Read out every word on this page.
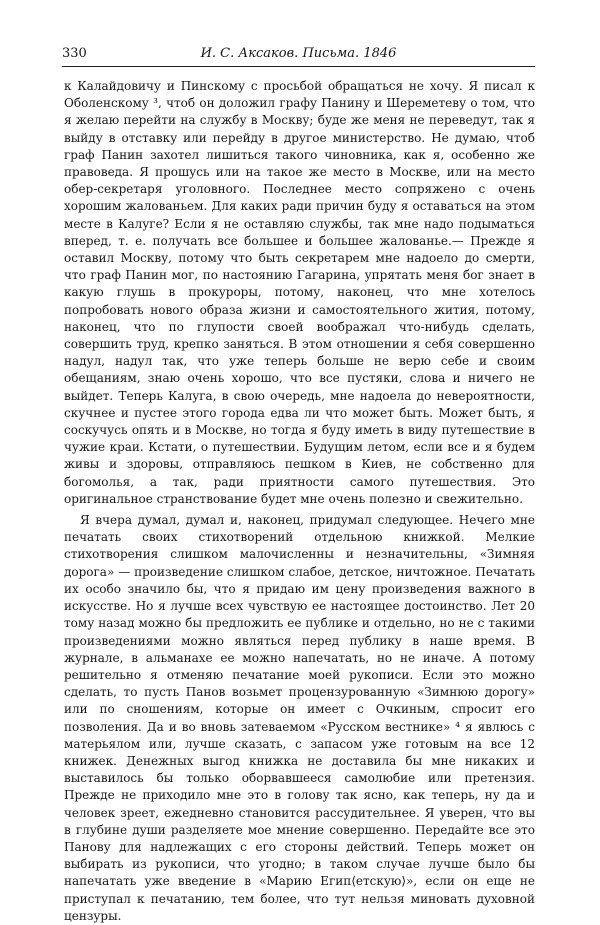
330	И. С. Аксаков. Письма. 1846

к Калайдовичу и Пинскому с просьбой обращаться не хочу. Я писал к Оболенскому ³, чтоб он доложил графу Панину и Шереметеву о том, что я желаю перейти на службу в Москву; буде же меня не переведут, так я выйду в отставку или перейду в другое министерство. Не думаю, чтоб граф Панин захотел лишиться такого чиновника, как я, особенно же правоведа. Я прошусь или на такое же место в Москве, или на место обер-секретаря уголовного. Последнее место сопряжено с очень хорошим жалованьем. Для каких ради причин буду я оставаться на этом месте в Калуге? Если я не оставляю службы, так мне надо подыматься вперед, т. е. получать все большее и большее жалованье.— Прежде я оставил Москву, потому что быть секретарем мне надоело до смерти, что граф Панин мог, по настоянию Гагарина, упрятать меня бог знает в какую глушь в прокуроры, потому, наконец, что мне хотелось попробовать нового образа жизни и самостоятельного жития, потому, наконец, что по глупости своей воображал что-нибудь сделать, совершить труд, крепко заняться. В этом отношении я себя совершенно надул, надул так, что уже теперь больше не верю себе и своим обещаниям, знаю очень хорошо, что все пустяки, слова и ничего не выйдет. Теперь Калуга, в свою очередь, мне надоела до невероятности, скучнее и пустее этого города едва ли что может быть. Может быть, я соскучусь опять и в Москве, но тогда я буду иметь в виду путешествие в чужие краи. Кстати, о путешествии. Будущим летом, если все и я будем живы и здоровы, отправляюсь пешком в Киев, не собственно для богомолья, а так, ради приятности самого путешествия. Это оригинальное странствование будет мне очень полезно и свежительно.

Я вчера думал, думал и, наконец, придумал следующее. Нечего мне печатать своих стихотворений отдельною книжкой. Мелкие стихотворения слишком малочисленны и незначительны, «Зимняя дорога» — произведение слишком слабое, детское, ничтожное. Печатать их особо значило бы, что я придаю им цену произведения важного в искусстве. Но я лучше всех чувствую ее настоящее достоинство. Лет 20 тому назад можно бы предложить ее публике и отдельно, но не с такими произведениями можно являться перед публику в наше время. В журнале, в альманахе ее можно напечатать, но не иначе. А потому решительно я отменяю печатание моей рукописи. Если это можно сделать, то пусть Панов возьмет процензурованную «Зимнюю дорогу» или по сношениям, которые он имеет с Очкиным, спросит его позволения. Да и во вновь затеваемом «Русском вестнике» ⁴ я явлюсь с матерьялом или, лучше сказать, с запасом уже готовым на все 12 книжек. Денежных выгод книжка не доставила бы мне никаких и выставилось бы только оборвавшееся самолюбие или претензия. Прежде не приходило мне это в голову так ясно, как теперь, ну да и человек зреет, ежедневно становится рассудительнее. Я уверен, что вы в глубине души разделяете мое мнение совершенно. Передайте все это Панову для надлежащих с его стороны действий. Теперь может он выбирать из рукописи, что угодно; в таком случае лучше было бы напечатать уже введение в «Марию Егип⟨етскую⟩», если он еще не приступал к печатанию, тем более, что тут нельзя миновать духовной цензуры.
